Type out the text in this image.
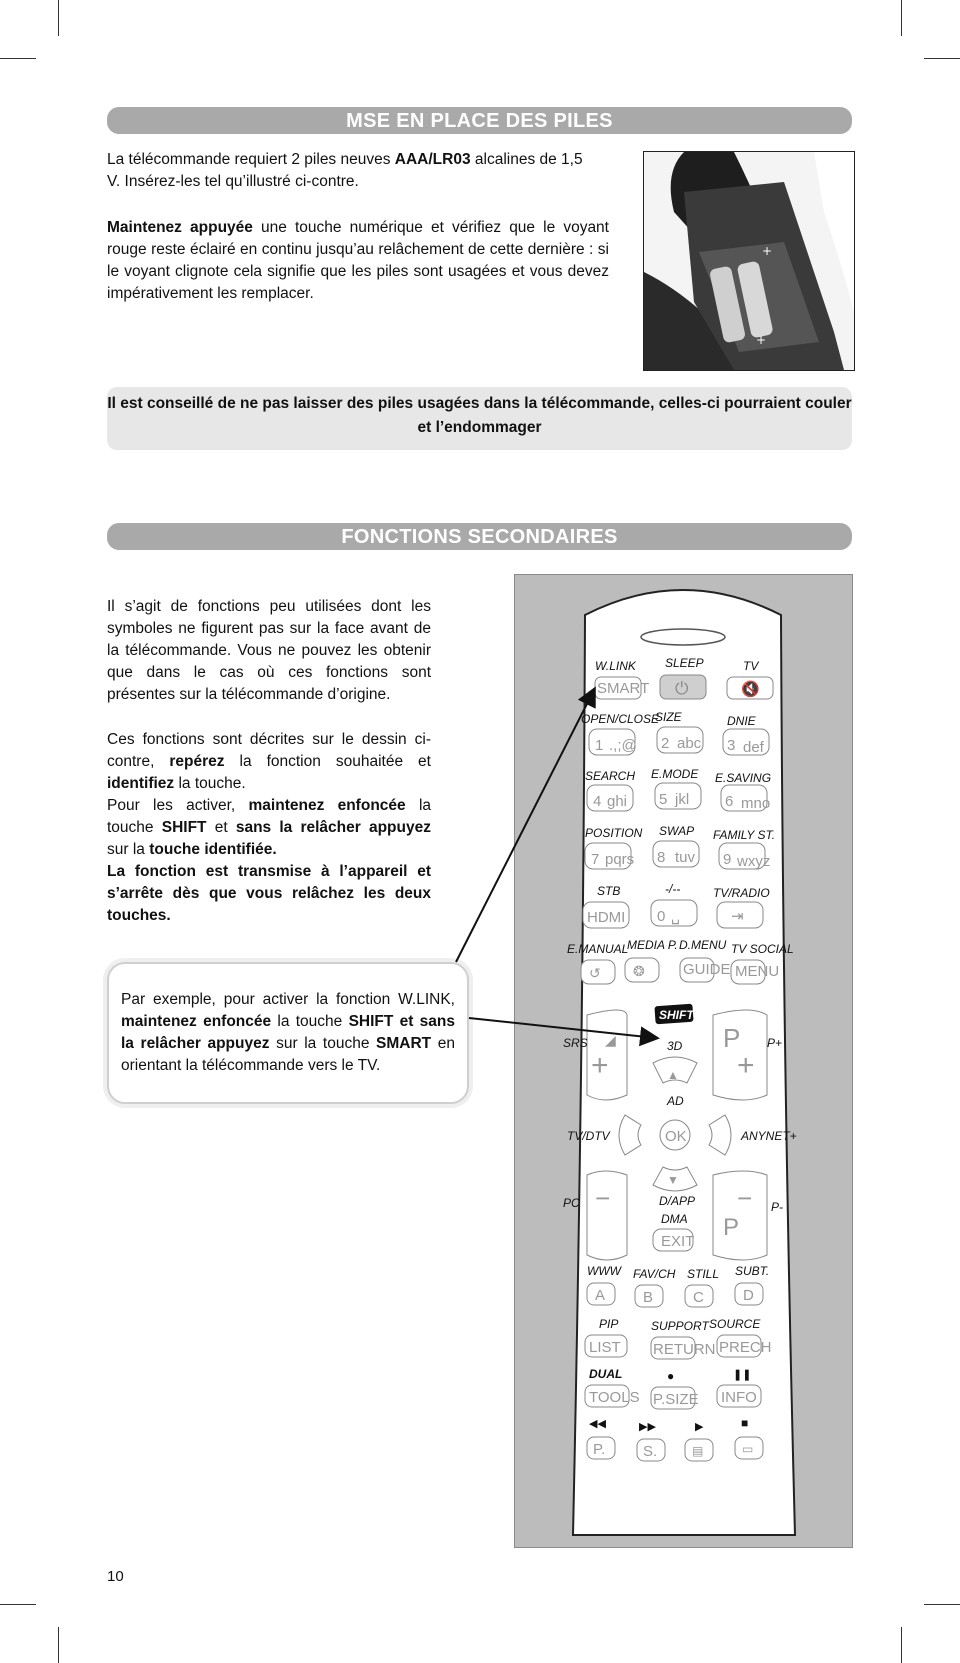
MSE EN PLACE DES PILES

La télécommande requiert 2 piles neuves AAA/LR03 alcalines de 1,5 V. Insérez-les tel qu’illustré ci-contre.

Maintenez appuyée une touche numérique et vérifiez que le voyant rouge reste éclairé en continu jusqu’au relâchement de cette dernière : si le voyant clignote cela signifie que les piles sont usagées et vous devez impérativement les remplacer.

+
+
Il est conseillé de ne pas laisser des piles usagées dans la télécommande, celles-ci pourraient couler et l’endommager
FONCTIONS SECONDAIRES

Il s’agit de fonctions peu utilisées dont les symboles ne figurent pas sur la face avant de la télécommande. Vous ne pouvez les obtenir que dans le cas où ces fonctions sont présentes sur la télécommande d’origine.

Ces fonctions sont décrites sur le dessin ci-contre, repérez la fonction souhaitée et identifiez la touche.

Pour les activer, maintenez enfoncée la touche SHIFT et sans la relâcher appuyez sur la touche identifiée.

La fonction est transmise à l’appareil et s’arrête dès que vous relâchez les deux touches.

Par exemple, pour activer la fonction W.LINK, maintenez enfoncée la touche SHIFT et sans la relâcher appuyez sur la touche SMART en orientant la télécommande vers le TV.
W.LINK SLEEP	TV
SMART ⏻	🔇
OPEN/CLOSE
SIZE	DNIE
1 .,;@ 2 abc 3 def
SEARCH E.MODE E.SAVING
4 ghi 5 jkl 6 mno
POSITION SWAP FAMILY ST.
7 pqrs 8 tuv 9 wxyz
STB	-/--	TV/RADIO
HDMI 0 ␣	⇥
E.MANUAL
MEDIA P. D.MENU TV SOCIAL
↺ ❂	GUIDE MENU
SHIFT
+
◢
SRS	P
+
P+
3D
▲
AD
TV/DTV	OK	ANYNET+
▼
−
PC	−
P
P-
D/APP
DMA
EXIT
WWW FAV/CH STILL SUBT.
A	B	C	D
PIP	SUPPORT SOURCE
LIST RETURN PRECH
DUAL	●	❚❚
TOOLS P.SIZE INFO
◀◀	▶▶	▶	■
P.	S.	▤	▭
10
